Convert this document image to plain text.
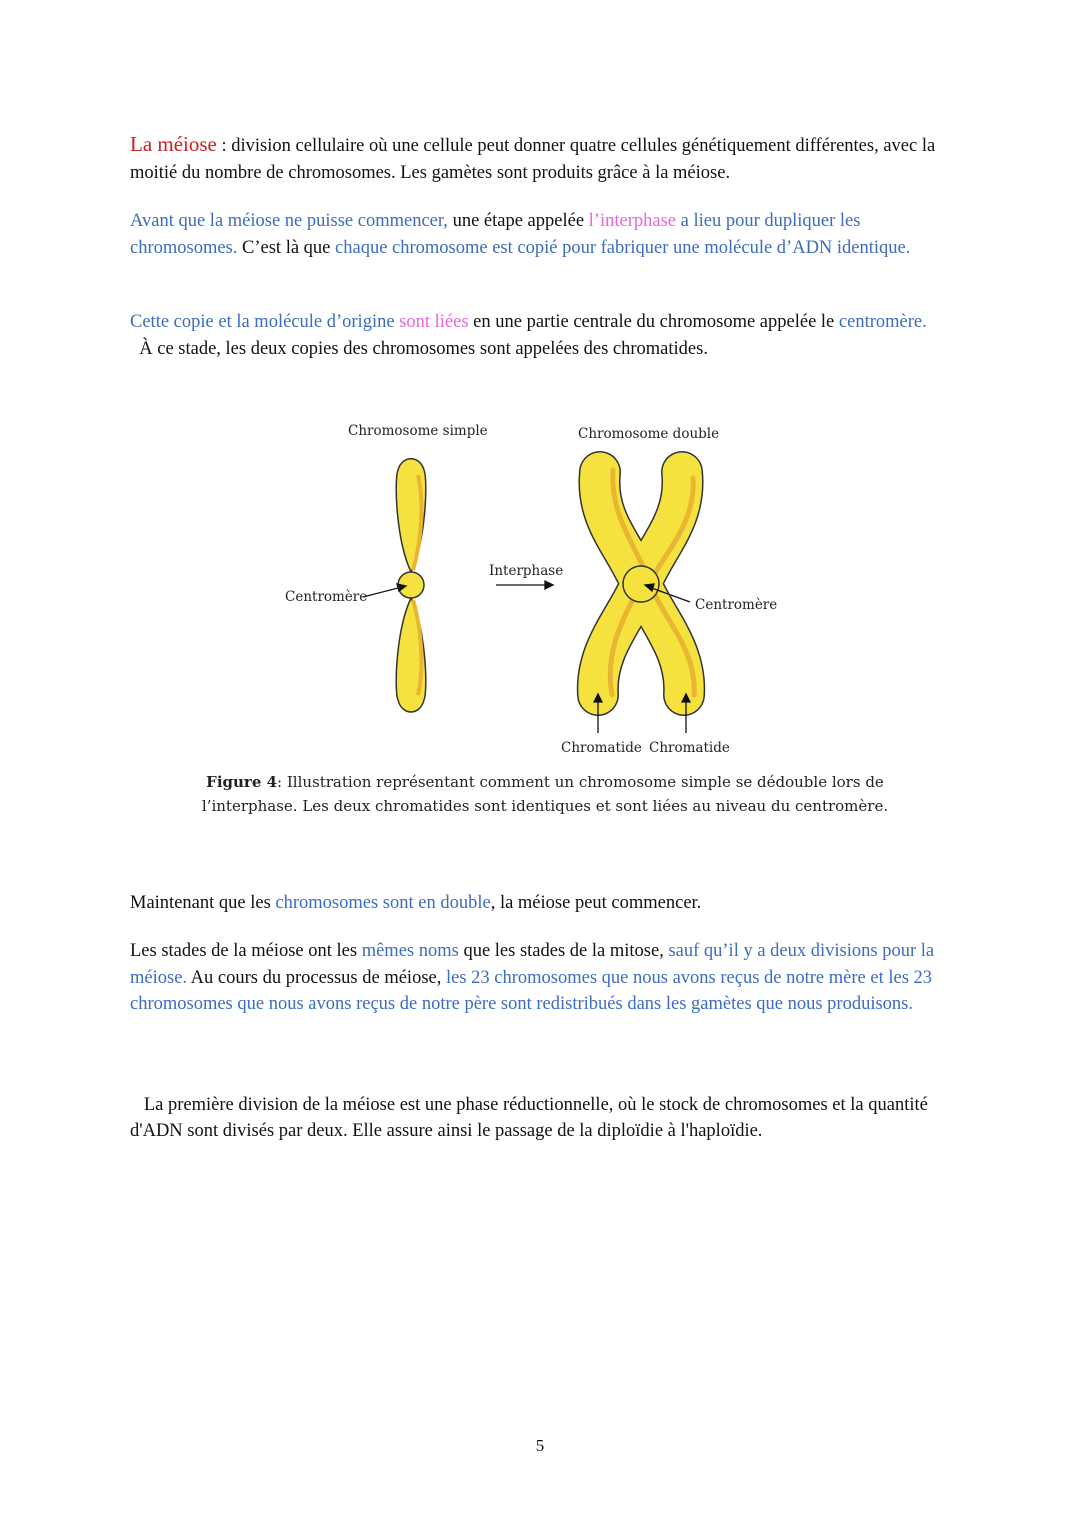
La méiose : division cellulaire où une cellule peut donner quatre cellules génétiquement différentes, avec la moitié du nombre de chromosomes. Les gamètes sont produits grâce à la méiose.
Avant que la méiose ne puisse commencer, une étape appelée l’interphase a lieu pour dupliquer les chromosomes. C’est là que chaque chromosome est copié pour fabriquer une molécule d’ADN identique.
Cette copie et la molécule d’origine sont liées en une partie centrale du chromosome appelée le centromère.  À ce stade, les deux copies des chromosomes sont appelées des chromatides.
Chromosome simple	Chromosome double
Centromère
Interphase
Centromère
Chromatide Chromatide
Figure 4: Illustration représentant comment un chromosome simple se dédouble lors de l’interphase. Les deux chromatides sont identiques et sont liées au niveau du centromère.
Maintenant que les chromosomes sont en double, la méiose peut commencer.
Les stades de la méiose ont les mêmes noms que les stades de la mitose, sauf qu’il y a deux divisions pour la méiose. Au cours du processus de méiose, les 23 chromosomes que nous avons reçus de notre mère et les 23 chromosomes que nous avons reçus de notre père sont redistribués dans les gamètes que nous produisons.

La première division de la méiose est une phase réductionnelle, où le stock de chromosomes et la quantité d'ADN sont divisés par deux. Elle assure ainsi le passage de la diploïdie à l'haploïdie.

5
